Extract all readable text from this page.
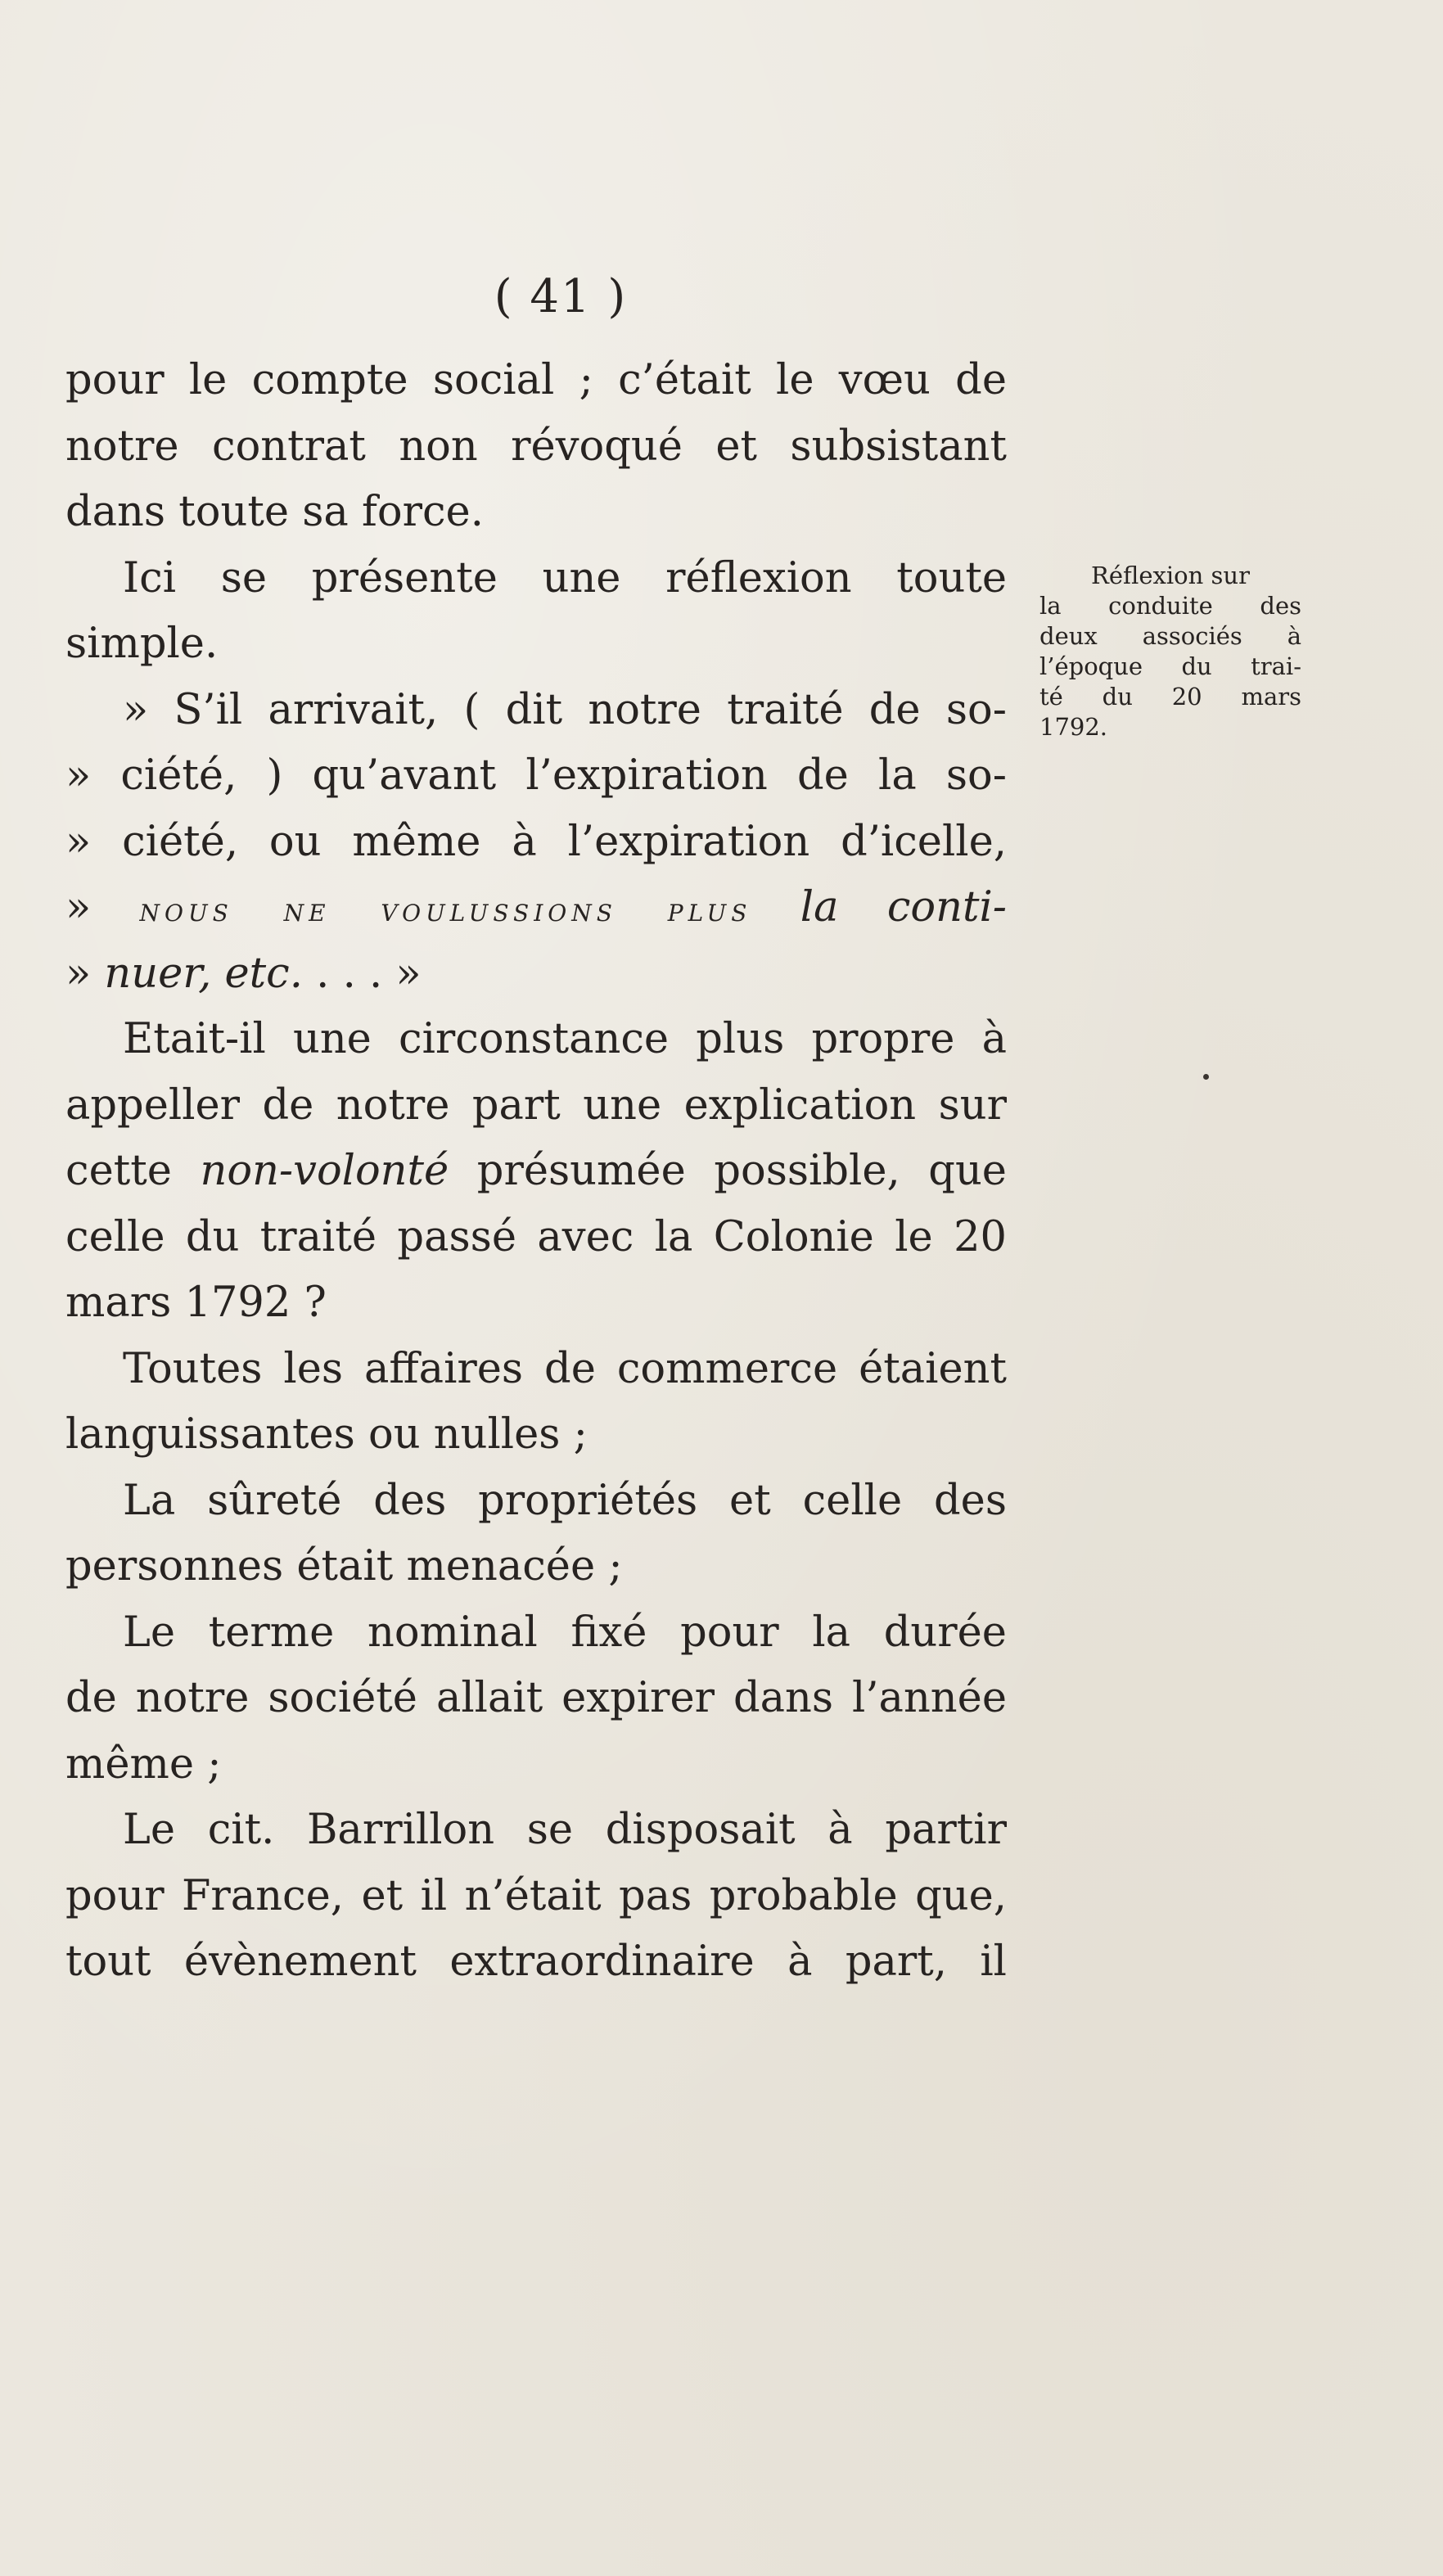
( 41 )
pour le compte social ; c’était le vœu de
notre contrat non révoqué et subsistant
dans toute sa force.
Ici se présente une réflexion toute
simple.
» S’il arrivait, ( dit notre traité de so-
» ciété, ) qu’avant l’expiration de la so-
» ciété, ou même à l’expiration d’icelle,
» nous ne voulussions plus la conti-
» nuer, etc. . . . »
Etait-il une circonstance plus propre à
appeller de notre part une explication sur
cette non-volonté présumée possible, que
celle du traité passé avec la Colonie le 20
mars 1792 ?
Toutes les affaires de commerce étaient
languissantes ou nulles ;
La sûreté des propriétés et celle des
personnes était menacée ;
Le terme nominal fixé pour la durée
de notre société allait expirer dans l’année
même ;
Le cit. Barrillon se disposait à partir
pour France, et il n’était pas probable que,
tout évènement extraordinaire à part, il
Réflexion sur
la conduite des
deux associés à
l’époque du trai-
té du 20 mars
1792.
